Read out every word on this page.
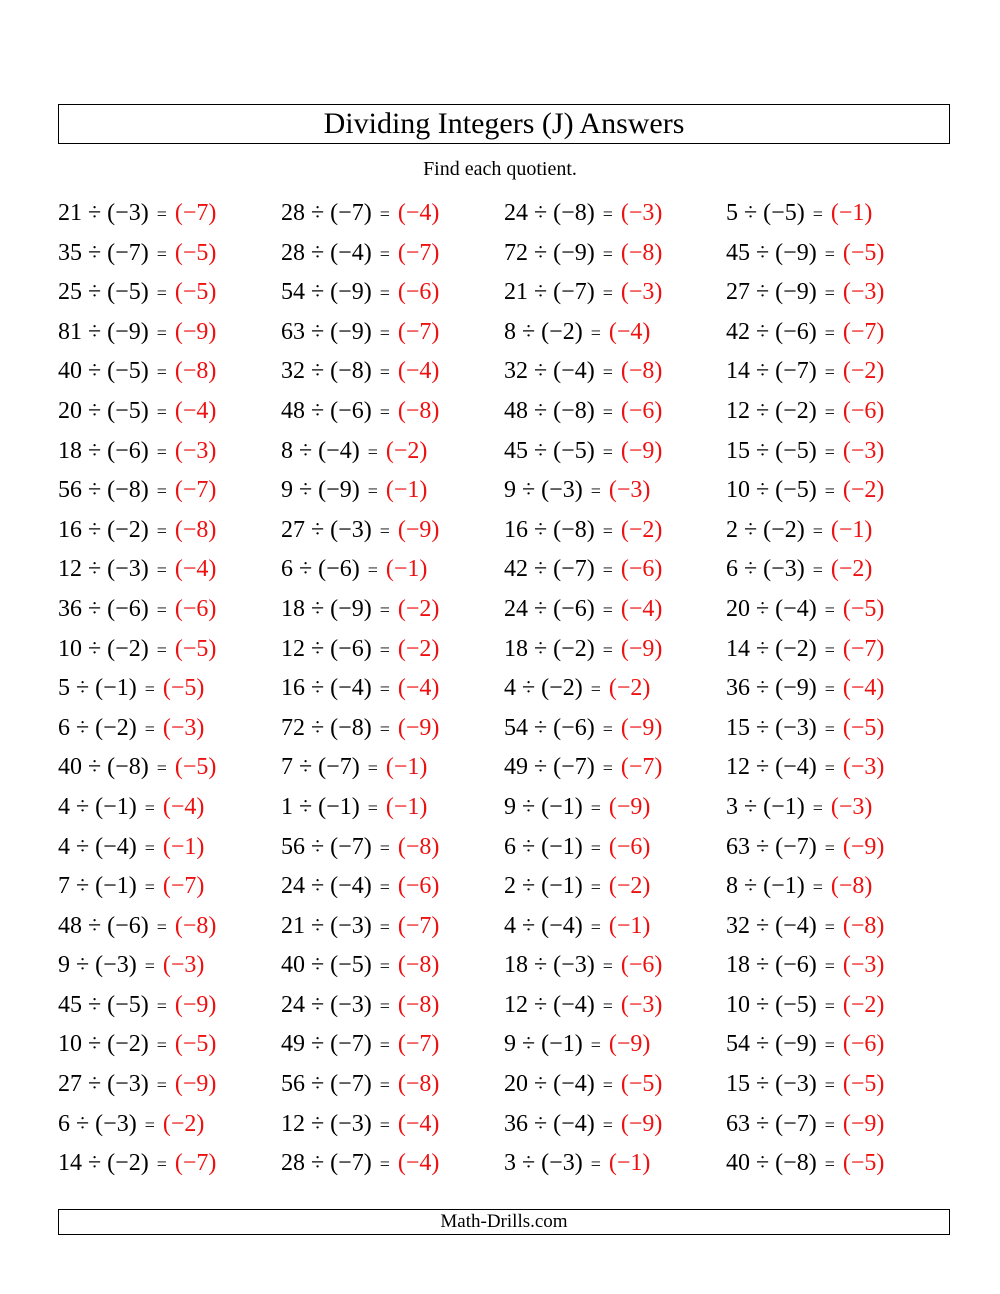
Dividing Integers (J) Answers
Find each quotient.
21 ÷ (−3) = (−7)	28 ÷ (−7) = (−4)	24 ÷ (−8) = (−3)	5 ÷ (−5) = (−1)
35 ÷ (−7) = (−5)	28 ÷ (−4) = (−7)	72 ÷ (−9) = (−8)	45 ÷ (−9) = (−5)
25 ÷ (−5) = (−5)	54 ÷ (−9) = (−6)	21 ÷ (−7) = (−3)	27 ÷ (−9) = (−3)
81 ÷ (−9) = (−9)	63 ÷ (−9) = (−7)	8 ÷ (−2) = (−4)	42 ÷ (−6) = (−7)
40 ÷ (−5) = (−8)	32 ÷ (−8) = (−4)	32 ÷ (−4) = (−8)	14 ÷ (−7) = (−2)
20 ÷ (−5) = (−4)	48 ÷ (−6) = (−8)	48 ÷ (−8) = (−6)	12 ÷ (−2) = (−6)
18 ÷ (−6) = (−3)	8 ÷ (−4) = (−2)	45 ÷ (−5) = (−9)	15 ÷ (−5) = (−3)
56 ÷ (−8) = (−7)	9 ÷ (−9) = (−1)	9 ÷ (−3) = (−3)	10 ÷ (−5) = (−2)
16 ÷ (−2) = (−8)	27 ÷ (−3) = (−9)	16 ÷ (−8) = (−2)	2 ÷ (−2) = (−1)
12 ÷ (−3) = (−4)	6 ÷ (−6) = (−1)	42 ÷ (−7) = (−6)	6 ÷ (−3) = (−2)
36 ÷ (−6) = (−6)	18 ÷ (−9) = (−2)	24 ÷ (−6) = (−4)	20 ÷ (−4) = (−5)
10 ÷ (−2) = (−5)	12 ÷ (−6) = (−2)	18 ÷ (−2) = (−9)	14 ÷ (−2) = (−7)
5 ÷ (−1) = (−5)	16 ÷ (−4) = (−4)	4 ÷ (−2) = (−2)	36 ÷ (−9) = (−4)
6 ÷ (−2) = (−3)	72 ÷ (−8) = (−9)	54 ÷ (−6) = (−9)	15 ÷ (−3) = (−5)
40 ÷ (−8) = (−5)	7 ÷ (−7) = (−1)	49 ÷ (−7) = (−7)	12 ÷ (−4) = (−3)
4 ÷ (−1) = (−4)	1 ÷ (−1) = (−1)	9 ÷ (−1) = (−9)	3 ÷ (−1) = (−3)
4 ÷ (−4) = (−1)	56 ÷ (−7) = (−8)	6 ÷ (−1) = (−6)	63 ÷ (−7) = (−9)
7 ÷ (−1) = (−7)	24 ÷ (−4) = (−6)	2 ÷ (−1) = (−2)	8 ÷ (−1) = (−8)
48 ÷ (−6) = (−8)	21 ÷ (−3) = (−7)	4 ÷ (−4) = (−1)	32 ÷ (−4) = (−8)
9 ÷ (−3) = (−3)	40 ÷ (−5) = (−8)	18 ÷ (−3) = (−6)	18 ÷ (−6) = (−3)
45 ÷ (−5) = (−9)	24 ÷ (−3) = (−8)	12 ÷ (−4) = (−3)	10 ÷ (−5) = (−2)
10 ÷ (−2) = (−5)	49 ÷ (−7) = (−7)	9 ÷ (−1) = (−9)	54 ÷ (−9) = (−6)
27 ÷ (−3) = (−9)	56 ÷ (−7) = (−8)	20 ÷ (−4) = (−5)	15 ÷ (−3) = (−5)
6 ÷ (−3) = (−2)	12 ÷ (−3) = (−4)	36 ÷ (−4) = (−9)	63 ÷ (−7) = (−9)
14 ÷ (−2) = (−7)	28 ÷ (−7) = (−4)	3 ÷ (−3) = (−1)	40 ÷ (−8) = (−5)
Math-Drills.com
